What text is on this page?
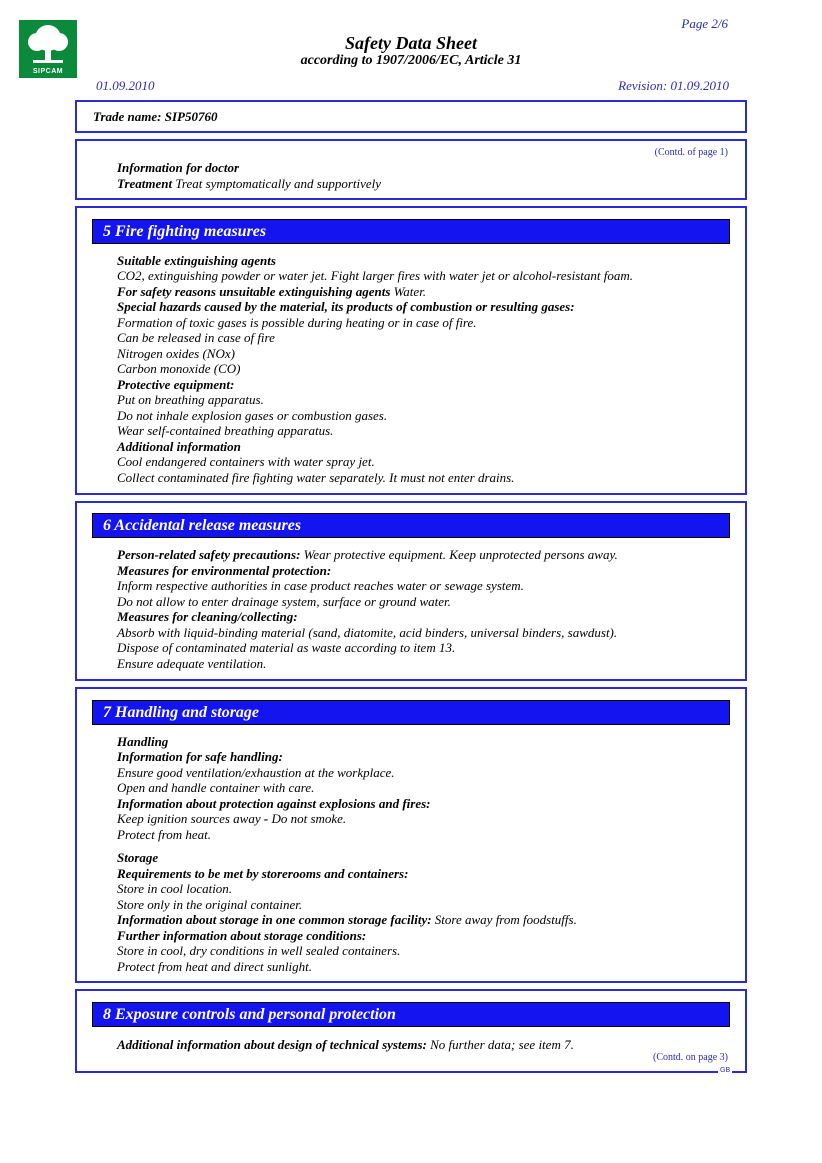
SIPCAM
Page 2/6
Safety Data Sheet
according to 1907/2006/EC, Article 31
01.09.2010	Revision: 01.09.2010
Trade name: SIP50760
(Contd. of page 1)
Information for doctor
Treatment Treat symptomatically and supportively
5 Fire fighting measures
Suitable extinguishing agents
CO2, extinguishing powder or water jet. Fight larger fires with water jet or alcohol-resistant foam.
For safety reasons unsuitable extinguishing agents Water.
Special hazards caused by the material, its products of combustion or resulting gases:
Formation of toxic gases is possible during heating or in case of fire.
Can be released in case of fire
Nitrogen oxides (NOx)
Carbon monoxide (CO)
Protective equipment:
Put on breathing apparatus.
Do not inhale explosion gases or combustion gases.
Wear self-contained breathing apparatus.
Additional information
Cool endangered containers with water spray jet.
Collect contaminated fire fighting water separately. It must not enter drains.
6 Accidental release measures
Person-related safety precautions: Wear protective equipment. Keep unprotected persons away.
Measures for environmental protection:
Inform respective authorities in case product reaches water or sewage system.
Do not allow to enter drainage system, surface or ground water.
Measures for cleaning/collecting:
Absorb with liquid-binding material (sand, diatomite, acid binders, universal binders, sawdust).
Dispose of contaminated material as waste according to item 13.
Ensure adequate ventilation.
7 Handling and storage
Handling
Information for safe handling:
Ensure good ventilation/exhaustion at the workplace.
Open and handle container with care.
Information about protection against explosions and fires:
Keep ignition sources away - Do not smoke.
Protect from heat.
Storage
Requirements to be met by storerooms and containers:
Store in cool location.
Store only in the original container.
Information about storage in one common storage facility: Store away from foodstuffs.
Further information about storage conditions:
Store in cool, dry conditions in well sealed containers.
Protect from heat and direct sunlight.
8 Exposure controls and personal protection
Additional information about design of technical systems: No further data; see item 7.
(Contd. on page 3)
GB
